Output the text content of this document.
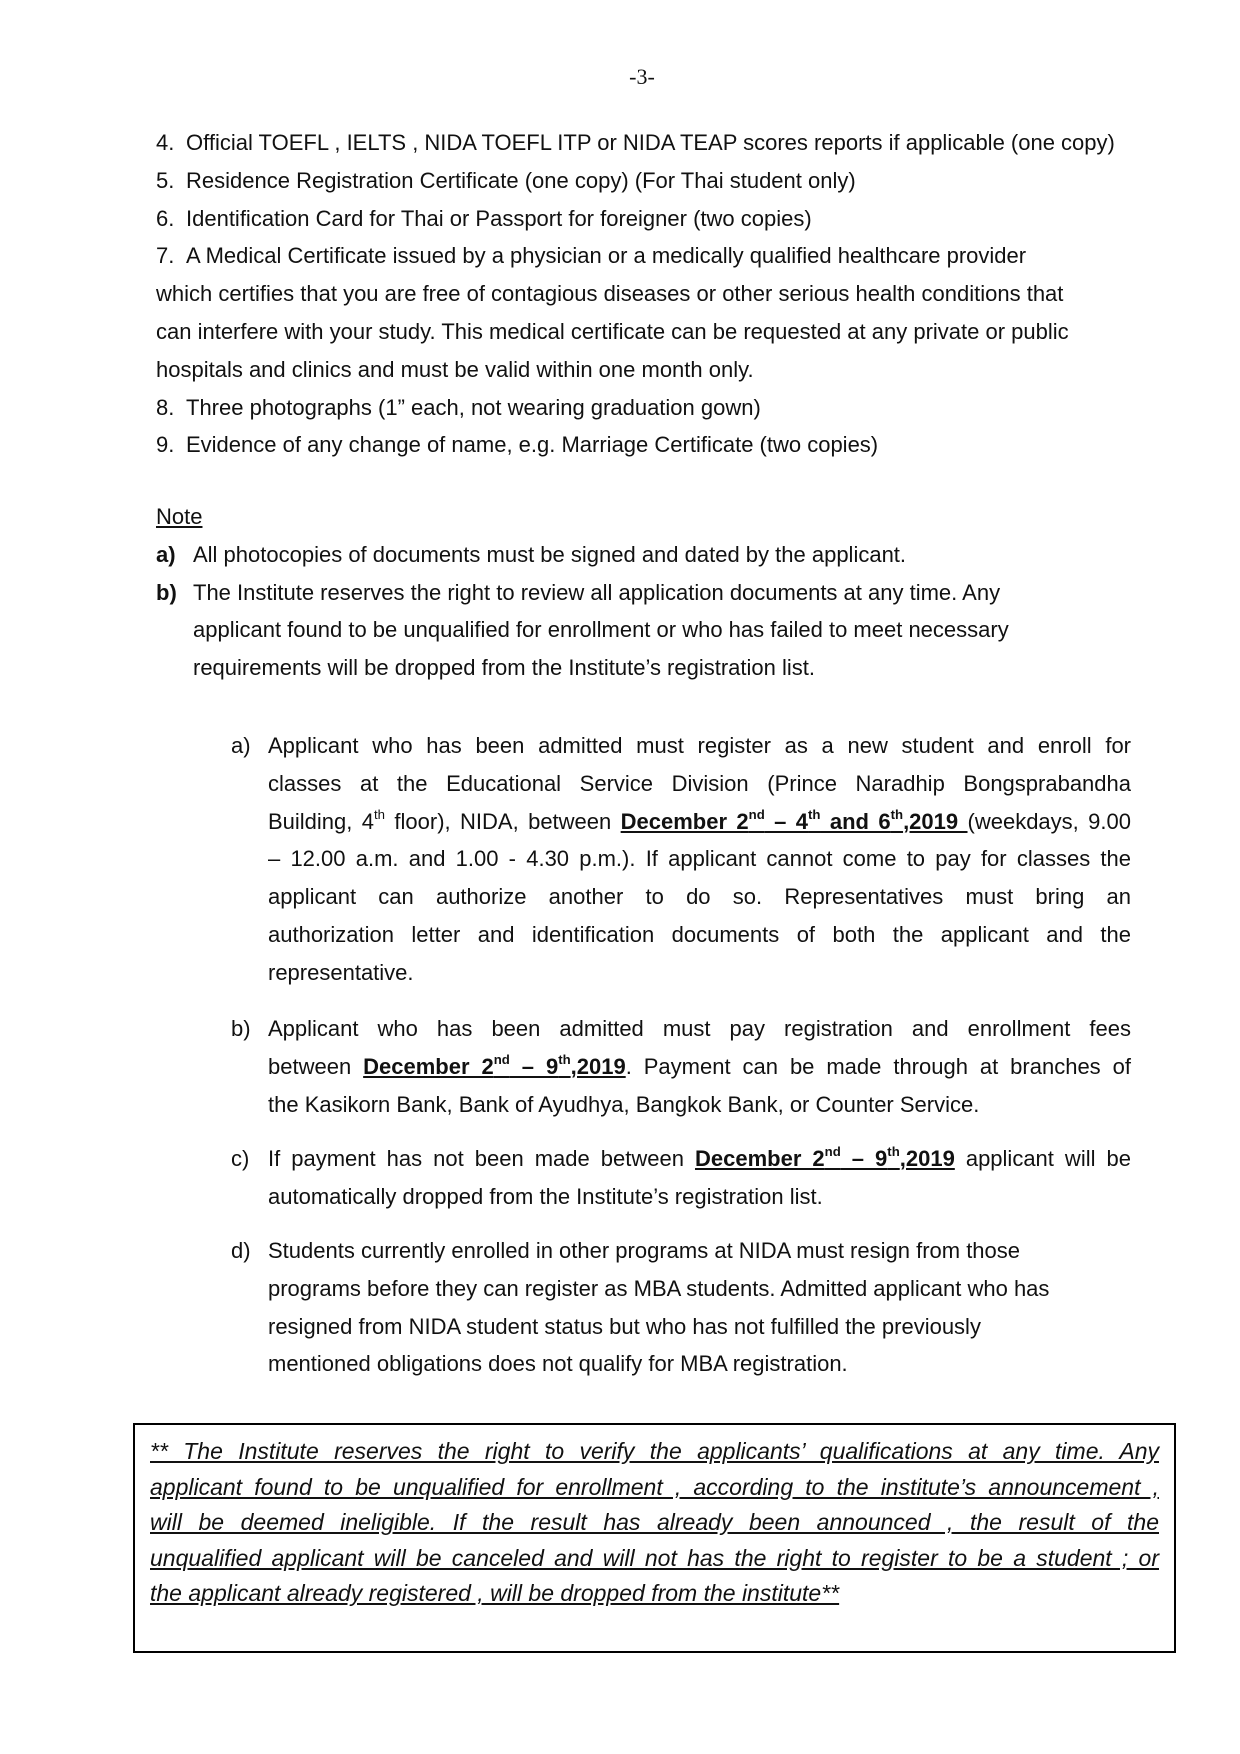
-3-
4. Official TOEFL , IELTS , NIDA TOEFL ITP or NIDA TEAP scores reports if applicable (one copy)
5. Residence Registration Certificate (one copy) (For Thai student only)
6. Identification Card for Thai or Passport for foreigner (two copies)
7. A Medical Certificate issued by a physician or a medically qualified healthcare provider
which certifies that you are free of contagious diseases or other serious health conditions that
can interfere with your study. This medical certificate can be requested at any private or public
hospitals and clinics and must be valid within one month only.
8. Three photographs (1” each, not wearing graduation gown)
9. Evidence of any change of name, e.g. Marriage Certificate (two copies)
Note
a) All photocopies of documents must be signed and dated by the applicant.
b) The Institute reserves the right to review all application documents at any time. Any
applicant found to be unqualified for enrollment or who has failed to meet necessary
requirements will be dropped from the Institute’s registration list.
a) Applicant who has been admitted must register as a new student and enroll for
classes at the Educational Service Division (Prince Naradhip Bongsprabandha
Building, 4th floor), NIDA, between December 2nd – 4th and 6th,2019 (weekdays, 9.00
– 12.00 a.m. and 1.00 - 4.30 p.m.). If applicant cannot come to pay for classes the
applicant can authorize another to do so. Representatives must bring an
authorization letter and identification documents of both the applicant and the
representative.
b) Applicant who has been admitted must pay registration and enrollment fees
between December 2nd – 9th,2019. Payment can be made through at branches of
the Kasikorn Bank, Bank of Ayudhya, Bangkok Bank, or Counter Service.
c) If payment has not been made between December 2nd – 9th,2019 applicant will be
automatically dropped from the Institute’s registration list.
d) Students currently enrolled in other programs at NIDA must resign from those
programs before they can register as MBA students. Admitted applicant who has
resigned from NIDA student status but who has not fulfilled the previously
mentioned obligations does not qualify for MBA registration.
** The Institute reserves the right to verify the applicants’ qualifications at any time. Any
applicant found to be unqualified for enrollment , according to the institute’s announcement ,
will be deemed ineligible. If the result has already been announced , the result of the
unqualified applicant will be canceled and will not has the right to register to be a student ; or
the applicant already registered , will be dropped from the institute**
